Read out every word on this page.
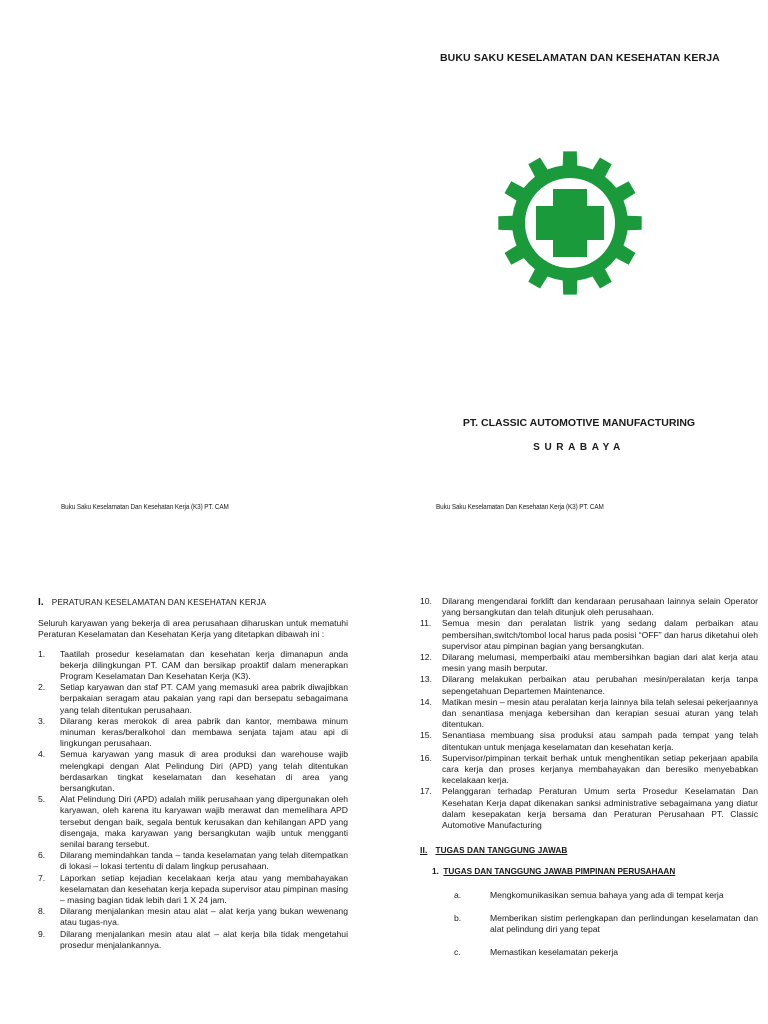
BUKU SAKU KESELAMATAN DAN KESEHATAN KERJA
PT. CLASSIC AUTOMOTIVE MANUFACTURING
SURABAYA
Buku Saku Keselamatan Dan Kesehatan Kerja (K3) PT. CAM	Buku Saku Keselamatan Dan Kesehatan Kerja (K3) PT. CAM
I. PERATURAN KESELAMATAN DAN KESEHATAN KERJA
Seluruh karyawan yang bekerja di area perusahaan diharuskan untuk mematuhi Peraturan Keselamatan dan Kesehatan Kerja yang ditetapkan dibawah ini :
1. Taatilah prosedur keselamatan dan kesehatan kerja dimanapun anda bekerja dilingkungan PT. CAM dan bersikap proaktif dalam menerapkan Program Keselamatan Dan Kesehatan Kerja (K3).
2. Setiap karyawan dan staf PT. CAM yang memasuki area pabrik diwajibkan berpakaian seragam atau pakaian yang rapi dan bersepatu sebagaimana yang telah ditentukan perusahaan.
3. Dilarang keras merokok di area pabrik dan kantor, membawa minum minuman keras/beralkohol dan membawa senjata tajam atau api di lingkungan perusahaan.
4. Semua karyawan yang masuk di area produksi dan warehouse wajib melengkapi dengan Alat Pelindung Diri (APD) yang telah ditentukan berdasarkan tingkat keselamatan dan kesehatan di area yang bersangkutan.
5. Alat Pelindung Diri (APD) adalah milik perusahaan yang dipergunakan oleh karyawan, oleh karena itu karyawan wajib merawat dan memelihara APD tersebut dengan baik, segala bentuk kerusakan dan kehilangan APD yang disengaja, maka karyawan yang bersangkutan wajib untuk mengganti senilai barang tersebut.
6. Dilarang memindahkan tanda – tanda keselamatan yang telah ditempatkan di lokasi – lokasi tertentu di dalam lingkup perusahaan.
7. Laporkan setiap kejadian kecelakaan kerja atau yang membahayakan keselamatan dan kesehatan kerja kepada supervisor atau pimpinan masing – masing bagian tidak lebih dari 1 X 24 jam.
8. Dilarang menjalankan mesin atau alat – alat kerja yang bukan wewenang atau tugas-nya.
9. Dilarang menjalankan mesin atau alat – alat kerja bila tidak mengetahui prosedur menjalankannya.
10. Dilarang mengendarai forklift dan kendaraan perusahaan lainnya selain Operator yang bersangkutan dan telah ditunjuk oleh perusahaan.
11. Semua mesin dan peralatan listrik yang sedang dalam perbaikan atau pembersihan,switch/tombol local harus pada posisi “OFF” dan harus diketahui oleh supervisor atau pimpinan bagian yang bersangkutan.
12. Dilarang melumasi, memperbaiki atau membersihkan bagian dari alat kerja atau mesin yang masih berputar.
13. Dilarang melakukan perbaikan atau perubahan mesin/peralatan kerja tanpa sepengetahuan Departemen Maintenance.
14. Matikan mesin – mesin atau peralatan kerja lainnya bila telah selesai pekerjaannya dan senantiasa menjaga kebersihan dan kerapian sesuai aturan yang telah ditentukan.
15. Senantiasa membuang sisa produksi atau sampah pada tempat yang telah ditentukan untuk menjaga keselamatan dan kesehatan kerja.
16. Supervisor/pimpinan terkait berhak untuk menghentikan setiap pekerjaan apabila cara kerja dan proses kerjanya membahayakan dan beresiko menyebabkan kecelakaan kerja.
17. Pelanggaran terhadap Peraturan Umum serta Prosedur Keselamatan Dan Kesehatan Kerja dapat dikenakan sanksi administrative sebagaimana yang diatur dalam kesepakatan kerja bersama dan Peraturan Perusahaan PT. Classic Automotive Manufacturing
II. TUGAS DAN TANGGUNG JAWAB
1. TUGAS DAN TANGGUNG JAWAB PIMPINAN PERUSAHAAN
a.	Mengkomunikasikan semua bahaya yang ada di tempat kerja
b.	Memberikan sistim perlengkapan dan perlindungan keselamatan dan alat pelindung diri yang tepat
c.	Memastikan keselamatan pekerja
